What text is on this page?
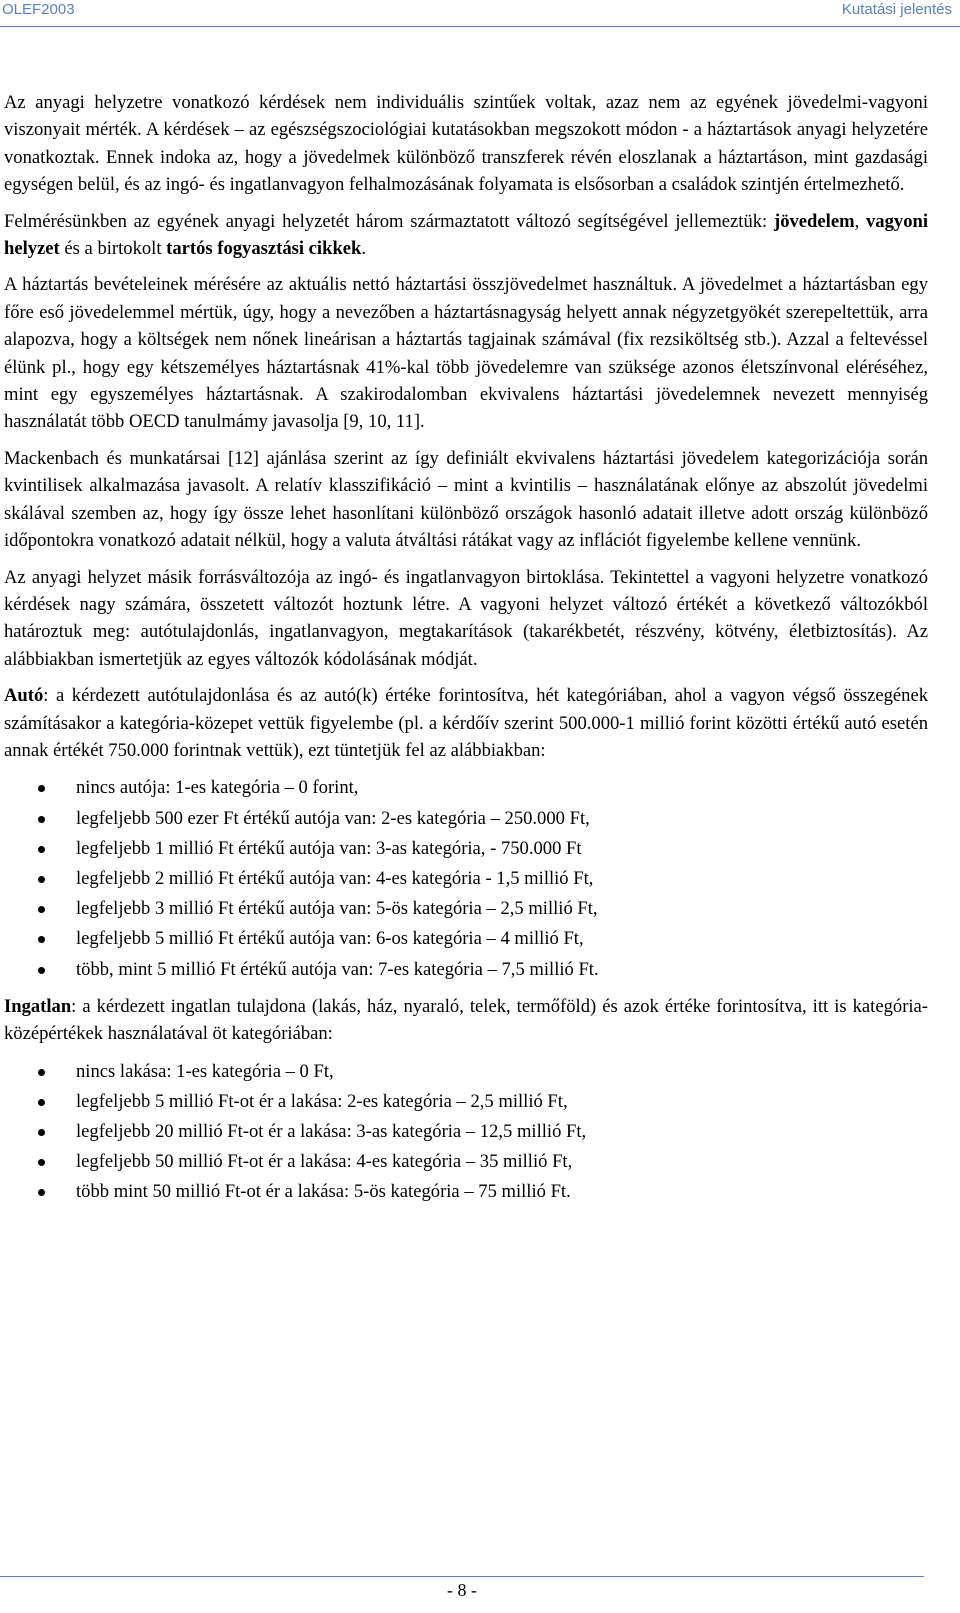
OLEF2003	Kutatási jelentés

Az anyagi helyzetre vonatkozó kérdések nem individuális szintűek voltak, azaz nem az egyének jövedelmi-vagyoni viszonyait mérték. A kérdések – az egészségszociológiai kutatásokban megszokott módon - a háztartások anyagi helyzetére vonatkoztak. Ennek indoka az, hogy a jövedelmek különböző transzferek révén eloszlanak a háztartáson, mint gazdasági egységen belül, és az ingó- és ingatlanvagyon felhalmozásának folyamata is elsősorban a családok szintjén értelmezhető.

Felmérésünkben az egyének anyagi helyzetét három származtatott változó segítségével jellemeztük: jövedelem, vagyoni helyzet és a birtokolt tartós fogyasztási cikkek.

A háztartás bevételeinek mérésére az aktuális nettó háztartási összjövedelmet használtuk. A jövedelmet a háztartásban egy főre eső jövedelemmel mértük, úgy, hogy a nevezőben a háztartásnagyság helyett annak négyzetgyökét szerepeltettük, arra alapozva, hogy a költségek nem nőnek lineárisan a háztartás tagjainak számával (fix rezsiköltség stb.). Azzal a feltevéssel élünk pl., hogy egy kétszemélyes háztartásnak 41%-kal több jövedelemre van szüksége azonos életszínvonal eléréséhez, mint egy egyszemélyes háztartásnak. A szakirodalomban ekvivalens háztartási jövedelemnek nevezett mennyiség használatát több OECD tanulmámy javasolja [9, 10, 11].

Mackenbach és munkatársai [12] ajánlása szerint az így definiált ekvivalens háztartási jövedelem kategorizációja során kvintilisek alkalmazása javasolt. A relatív klasszifikáció – mint a kvintilis – használatának előnye az abszolút jövedelmi skálával szemben az, hogy így össze lehet hasonlítani különböző országok hasonló adatait illetve adott ország különböző időpontokra vonatkozó adatait nélkül, hogy a valuta átváltási rátákat vagy az inflációt figyelembe kellene vennünk.

Az anyagi helyzet másik forrásváltozója az ingó- és ingatlanvagyon birtoklása. Tekintettel a vagyoni helyzetre vonatkozó kérdések nagy számára, összetett változót hoztunk létre. A vagyoni helyzet változó értékét a következő változókból határoztuk meg: autótulajdonlás, ingatlanvagyon, megtakarítások (takarékbetét, részvény, kötvény, életbiztosítás). Az alábbiakban ismertetjük az egyes változók kódolásának módját.

Autó: a kérdezett autótulajdonlása és az autó(k) értéke forintosítva, hét kategóriában, ahol a vagyon végső összegének számításakor a kategória-közepet vettük figyelembe (pl. a kérdőív szerint 500.000-1 millió forint közötti értékű autó esetén annak értékét 750.000 forintnak vettük), ezt tüntetjük fel az alábbiakban:

nincs autója: 1-es kategória – 0 forint,
legfeljebb 500 ezer Ft értékű autója van: 2-es kategória – 250.000 Ft,
legfeljebb 1 millió Ft értékű autója van: 3-as kategória, - 750.000 Ft
legfeljebb 2 millió Ft értékű autója van: 4-es kategória - 1,5 millió Ft,
legfeljebb 3 millió Ft értékű autója van: 5-ös kategória – 2,5 millió Ft,
legfeljebb 5 millió Ft értékű autója van: 6-os kategória – 4 millió Ft,
több, mint 5 millió Ft értékű autója van: 7-es kategória – 7,5 millió Ft.

Ingatlan: a kérdezett ingatlan tulajdona (lakás, ház, nyaraló, telek, termőföld) és azok értéke forintosítva, itt is kategória-középértékek használatával öt kategóriában:

nincs lakása: 1-es kategória – 0 Ft,
legfeljebb 5 millió Ft-ot ér a lakása: 2-es kategória – 2,5 millió Ft,
legfeljebb 20 millió Ft-ot ér a lakása: 3-as kategória – 12,5 millió Ft,
legfeljebb 50 millió Ft-ot ér a lakása: 4-es kategória – 35 millió Ft,
több mint 50 millió Ft-ot ér a lakása: 5-ös kategória – 75 millió Ft.
- 8 -
